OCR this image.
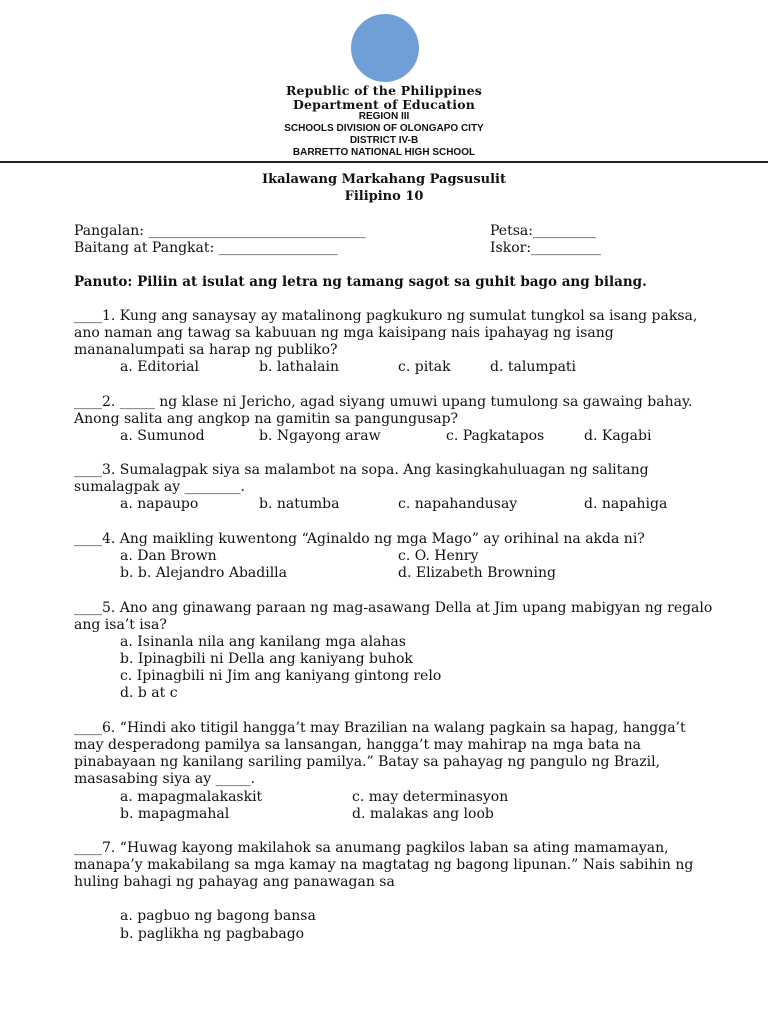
Republic of the Philippines
Department of Education
REGION III
SCHOOLS DIVISION OF OLONGAPO CITY
DISTRICT IV-B
BARRETTO NATIONAL HIGH SCHOOL
Ikalawang Markahang Pagsusulit
Filipino 10
Pangalan: _______________________________	Petsa:_________
Baitang at Pangkat: _________________	Iskor:__________
Panuto: Piliin at isulat ang letra ng tamang sagot sa guhit bago ang bilang.
____1. Kung ang sanaysay ay matalinong pagkukuro ng sumulat tungkol sa isang paksa, ano naman ang tawag sa kabuuan ng mga kaisipang nais ipahayag ng isang mananalumpati sa harap ng publiko?
a. Editorial	b. lathalain	c. pitak	d. talumpati
____2. _____ ng klase ni Jericho, agad siyang umuwi upang tumulong sa gawaing bahay. Anong salita ang angkop na gamitin sa pangungusap?
a. Sumunod	b. Ngayong araw	c. Pagkatapos	d. Kagabi
____3. Sumalagpak siya sa malambot na sopa. Ang kasingkahuluagan ng salitang sumalagpak ay ________.
a. napaupo	b. natumba	c. napahandusay	d. napahiga
____4. Ang maikling kuwentong “Aginaldo ng mga Mago” ay orihinal na akda ni?
a. Dan Brown	c. O. Henry
b. b. Alejandro Abadilla	d. Elizabeth Browning
____5. Ano ang ginawang paraan ng mag-asawang Della at Jim upang mabigyan ng regalo ang isa’t isa?
a. Isinanla nila ang kanilang mga alahas
b. Ipinagbili ni Della ang kaniyang buhok
c. Ipinagbili ni Jim ang kaniyang gintong relo
d. b at c
____6. “Hindi ako titigil hangga’t may Brazilian na walang pagkain sa hapag, hangga’t may desperadong pamilya sa lansangan, hangga’t may mahirap na mga bata na pinabayaan ng kanilang sariling pamilya.” Batay sa pahayag ng pangulo ng Brazil, masasabing siya ay _____.
a. mapagmalakaskit	c. may determinasyon
b. mapagmahal	d. malakas ang loob
____7. “Huwag kayong makilahok sa anumang pagkilos laban sa ating mamamayan, manapa’y makabilang sa mga kamay na magtatag ng bagong lipunan.” Nais sabihin ng huling bahagi ng pahayag ang panawagan sa
a. pagbuo ng bagong bansa
b. paglikha ng pagbabago
